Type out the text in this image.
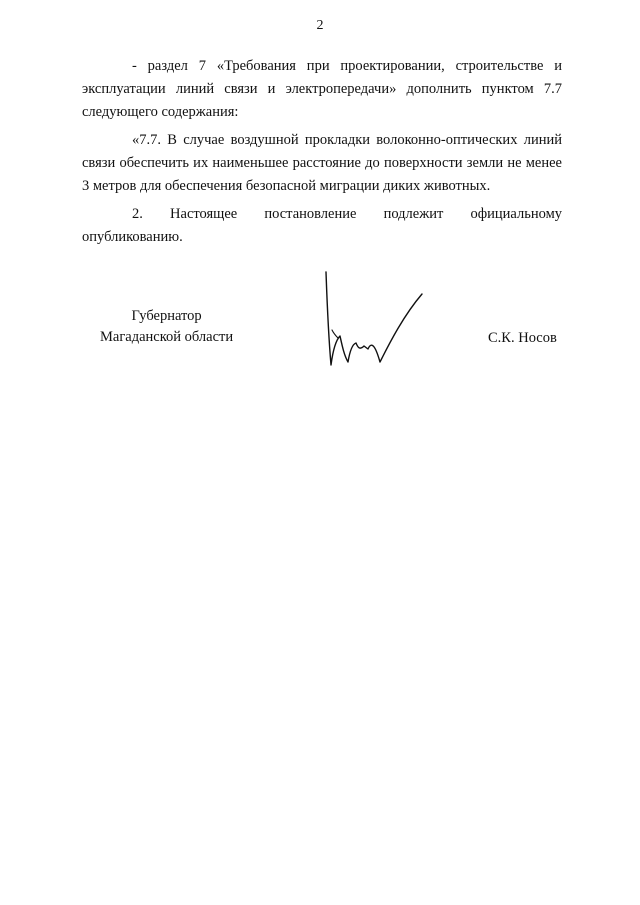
2

- раздел 7 «Требования при проектировании, строительстве и эксплуатации линий связи и электропередачи» дополнить пунктом 7.7 следующего содержания:

«7.7. В случае воздушной прокладки волоконно-оптических линий связи обеспечить их наименьшее расстояние до поверхности земли не менее 3 метров для обеспечения безопасной миграции диких животных.

2. Настоящее постановление подлежит официальному опубликованию.

Губернатор
Магаданской области	С.К. Носов
